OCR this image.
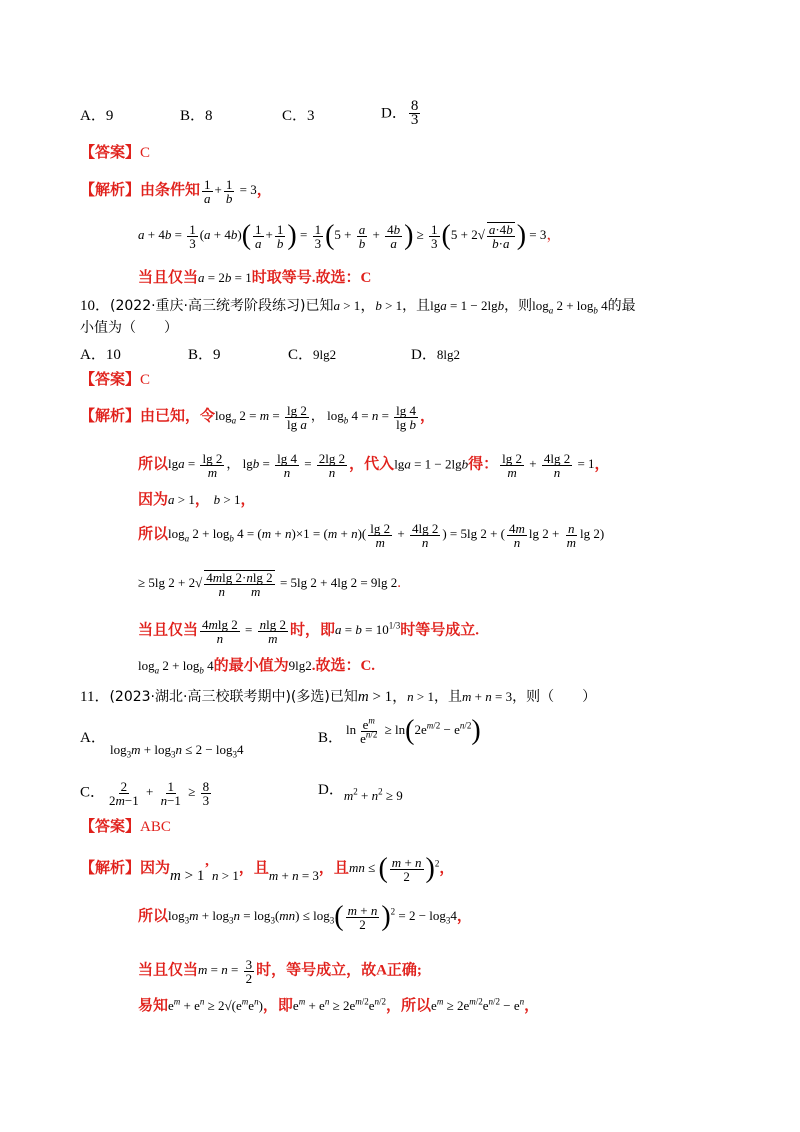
A．9	B．8	C．3	D． $\frac{8}{3}$
【答案】C
【解析】由条件知 $\frac{1}{a} + \frac{1}{b} = 3$，
$a + 4b = \frac{1}{3} (a + 4b)( \frac{1}{a} + \frac{1}{b}$ ) = $\frac{1}{3} (5 + \frac{a}{b} + \frac{4b}{a}$ ) ≥ $\frac{1}{3} (5 + 2√ \frac{a\cdot 4b}{b\cdot a}$ ) = 3，
当且仅当a = 2b = 1时取等号.故选：C
10．(2022·重庆·高三统考阶段练习)已知a > 1，b > 1，且lga = 1 − 2lgb，则$\log_a 2 + \log_b 4$的最
小值为（　　）
A．10	B．9	C．9lg2	D．8lg2
【答案】C
【解析】由已知，令$\log_a 2 = m = \frac{\lg 2}{\text{lg a}}$ ， $\log_b 4 = n = \frac{\lg 4}{\text{lg b}}$ ，
所以$\lg a = \frac{\lg 2}{m}$ ， $\lg b = \frac{\lg 4}{n} = \frac{2\lg 2}{n}$ ，代入lga = 1 − 2lgb得： $\frac{\lg 2}{m} + \frac{4\lg 2}{n} = 1$，
因为a > 1， b > 1，
所以$\log_a 2 + \log_b 4 = (m + n)\times 1 = (m + n)( \frac{\lg 2}{m} + \frac{4\lg 2}{n}$ ) = 5lg 2 + ( $\frac{4m}{n}$ $\lg 2 + \frac{n}{m}$ lg 2)
≥ 5lg $2 + 2√ \frac{4mlg 2\cdot nlg 2}{\text{n　　 m}} = 5\lg$ 2 + 4lg 2 = 9lg 2.
当且仅当 $\frac{4mlg 2}{n} = \frac{nlg 2}{m}$ 时，即$a = b = 10^{1/3}$时等号成立.
$\log_a 2 + \log_b 4$的最小值为9lg2.故选：C.
11．(2023·湖北·高三校联考期中)(多选)已知m > 1，n > 1，且m + n = 3，则（　　）
A．
$\log_3m + \log_3n \le 2 - \log_34$
B．
$\ln \frac{e^m}{e^{n/2}} \ge \ln(2e^{m/2} - e^{n/2})$
C． $\frac{2}{2m-1} + \frac{1}{n-1} \ge \frac{8}{3}$	D．$m^2 + n^2 \ge 9$
【答案】ABC
【解析】因为m > 1’ n > 1，且m + n = 3，且mn ≤ ( $\frac{m + n}{2} )^2$，
所以$\log_3m + \log_3n = \log_3(mn) \le \log_3( \frac{m + n}{2} )^2 = 2 - \log_34$，
当且仅当$m = n = \frac{3}{2}$ 时，等号成立，故A正确;
易知$e^m + e^n \ge 2√(e^me^n)$，即$e^m + e^n \ge 2e^{m/2}e^{n/2}$，所以$e^m \ge 2e^{m/2}e^{n/2} - e^n$，
